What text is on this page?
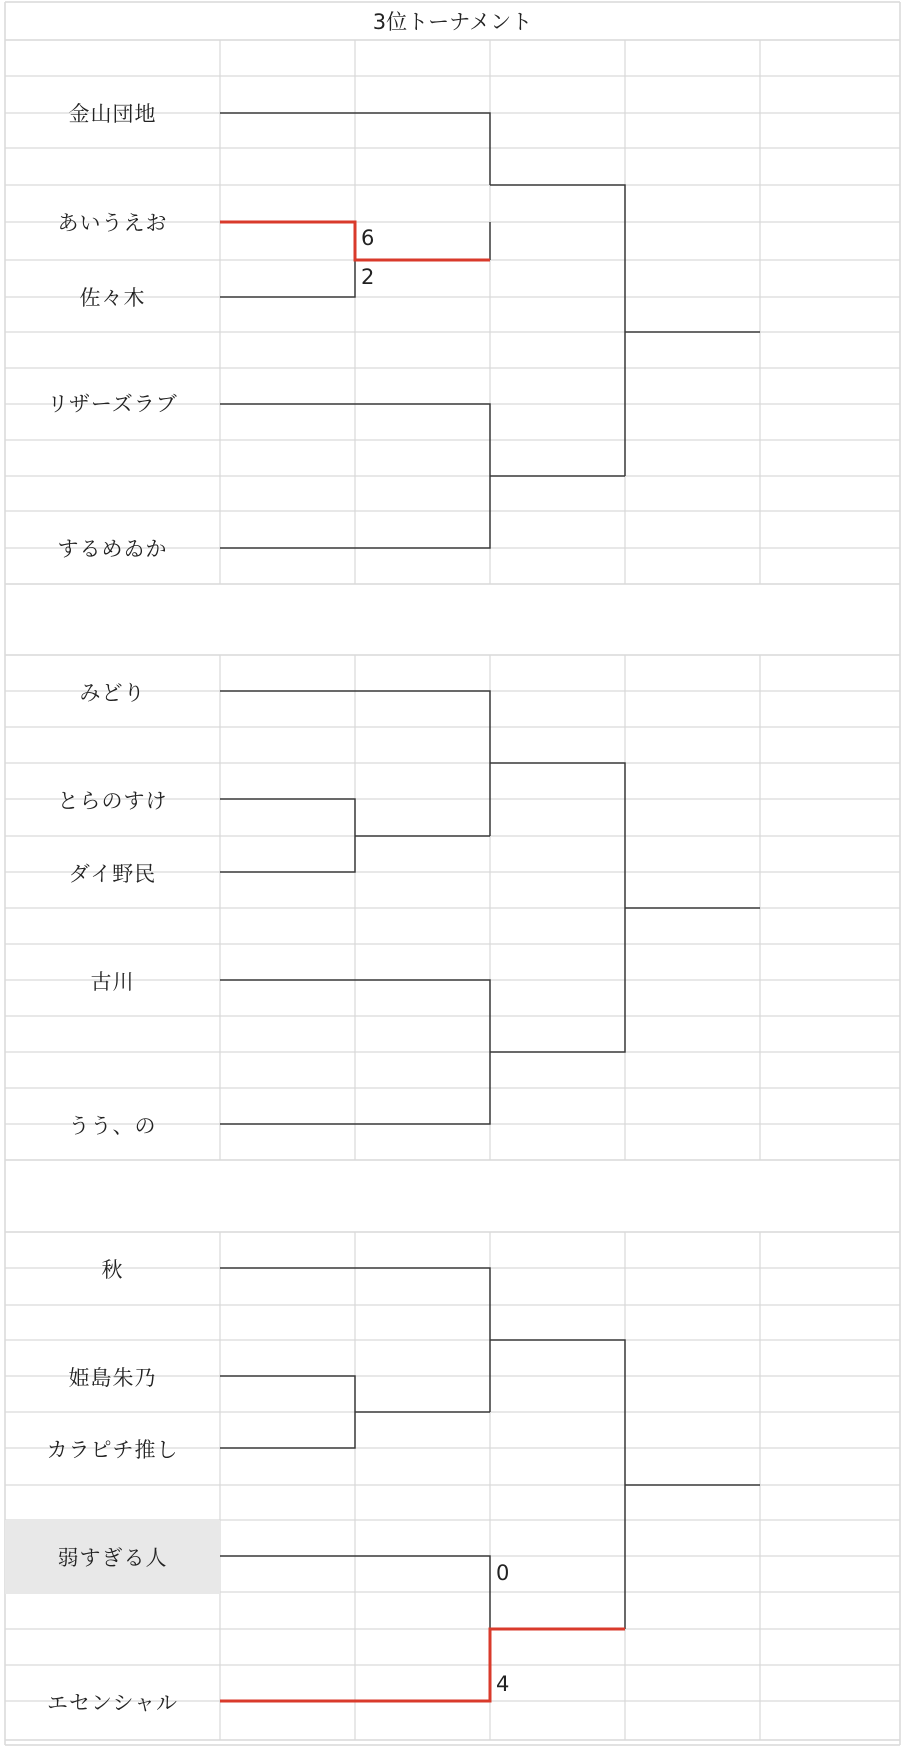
3位トーナメント
金山団地
あいうえお
佐々木
リザーズラブ
するめゐか
6
2
みどり
とらのすけ
ダイ野民
古川
うう、の
秋
姫島朱乃
カラピチ推し
弱すぎる人
エセンシャル
0
4
